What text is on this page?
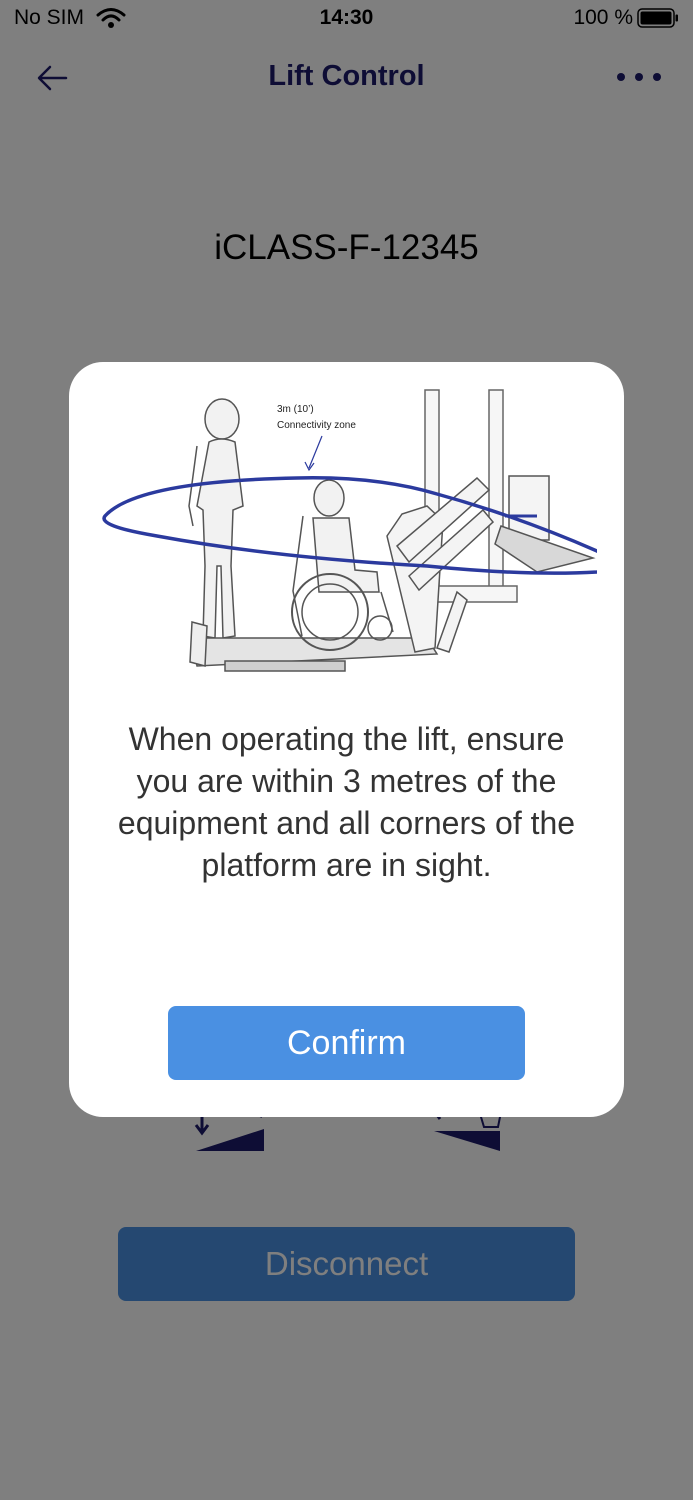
3m (10’)
Connectivity zone
When operating the lift, ensure you are within 3 metres of the equipment and all corners of the platform are in sight.
Confirm
